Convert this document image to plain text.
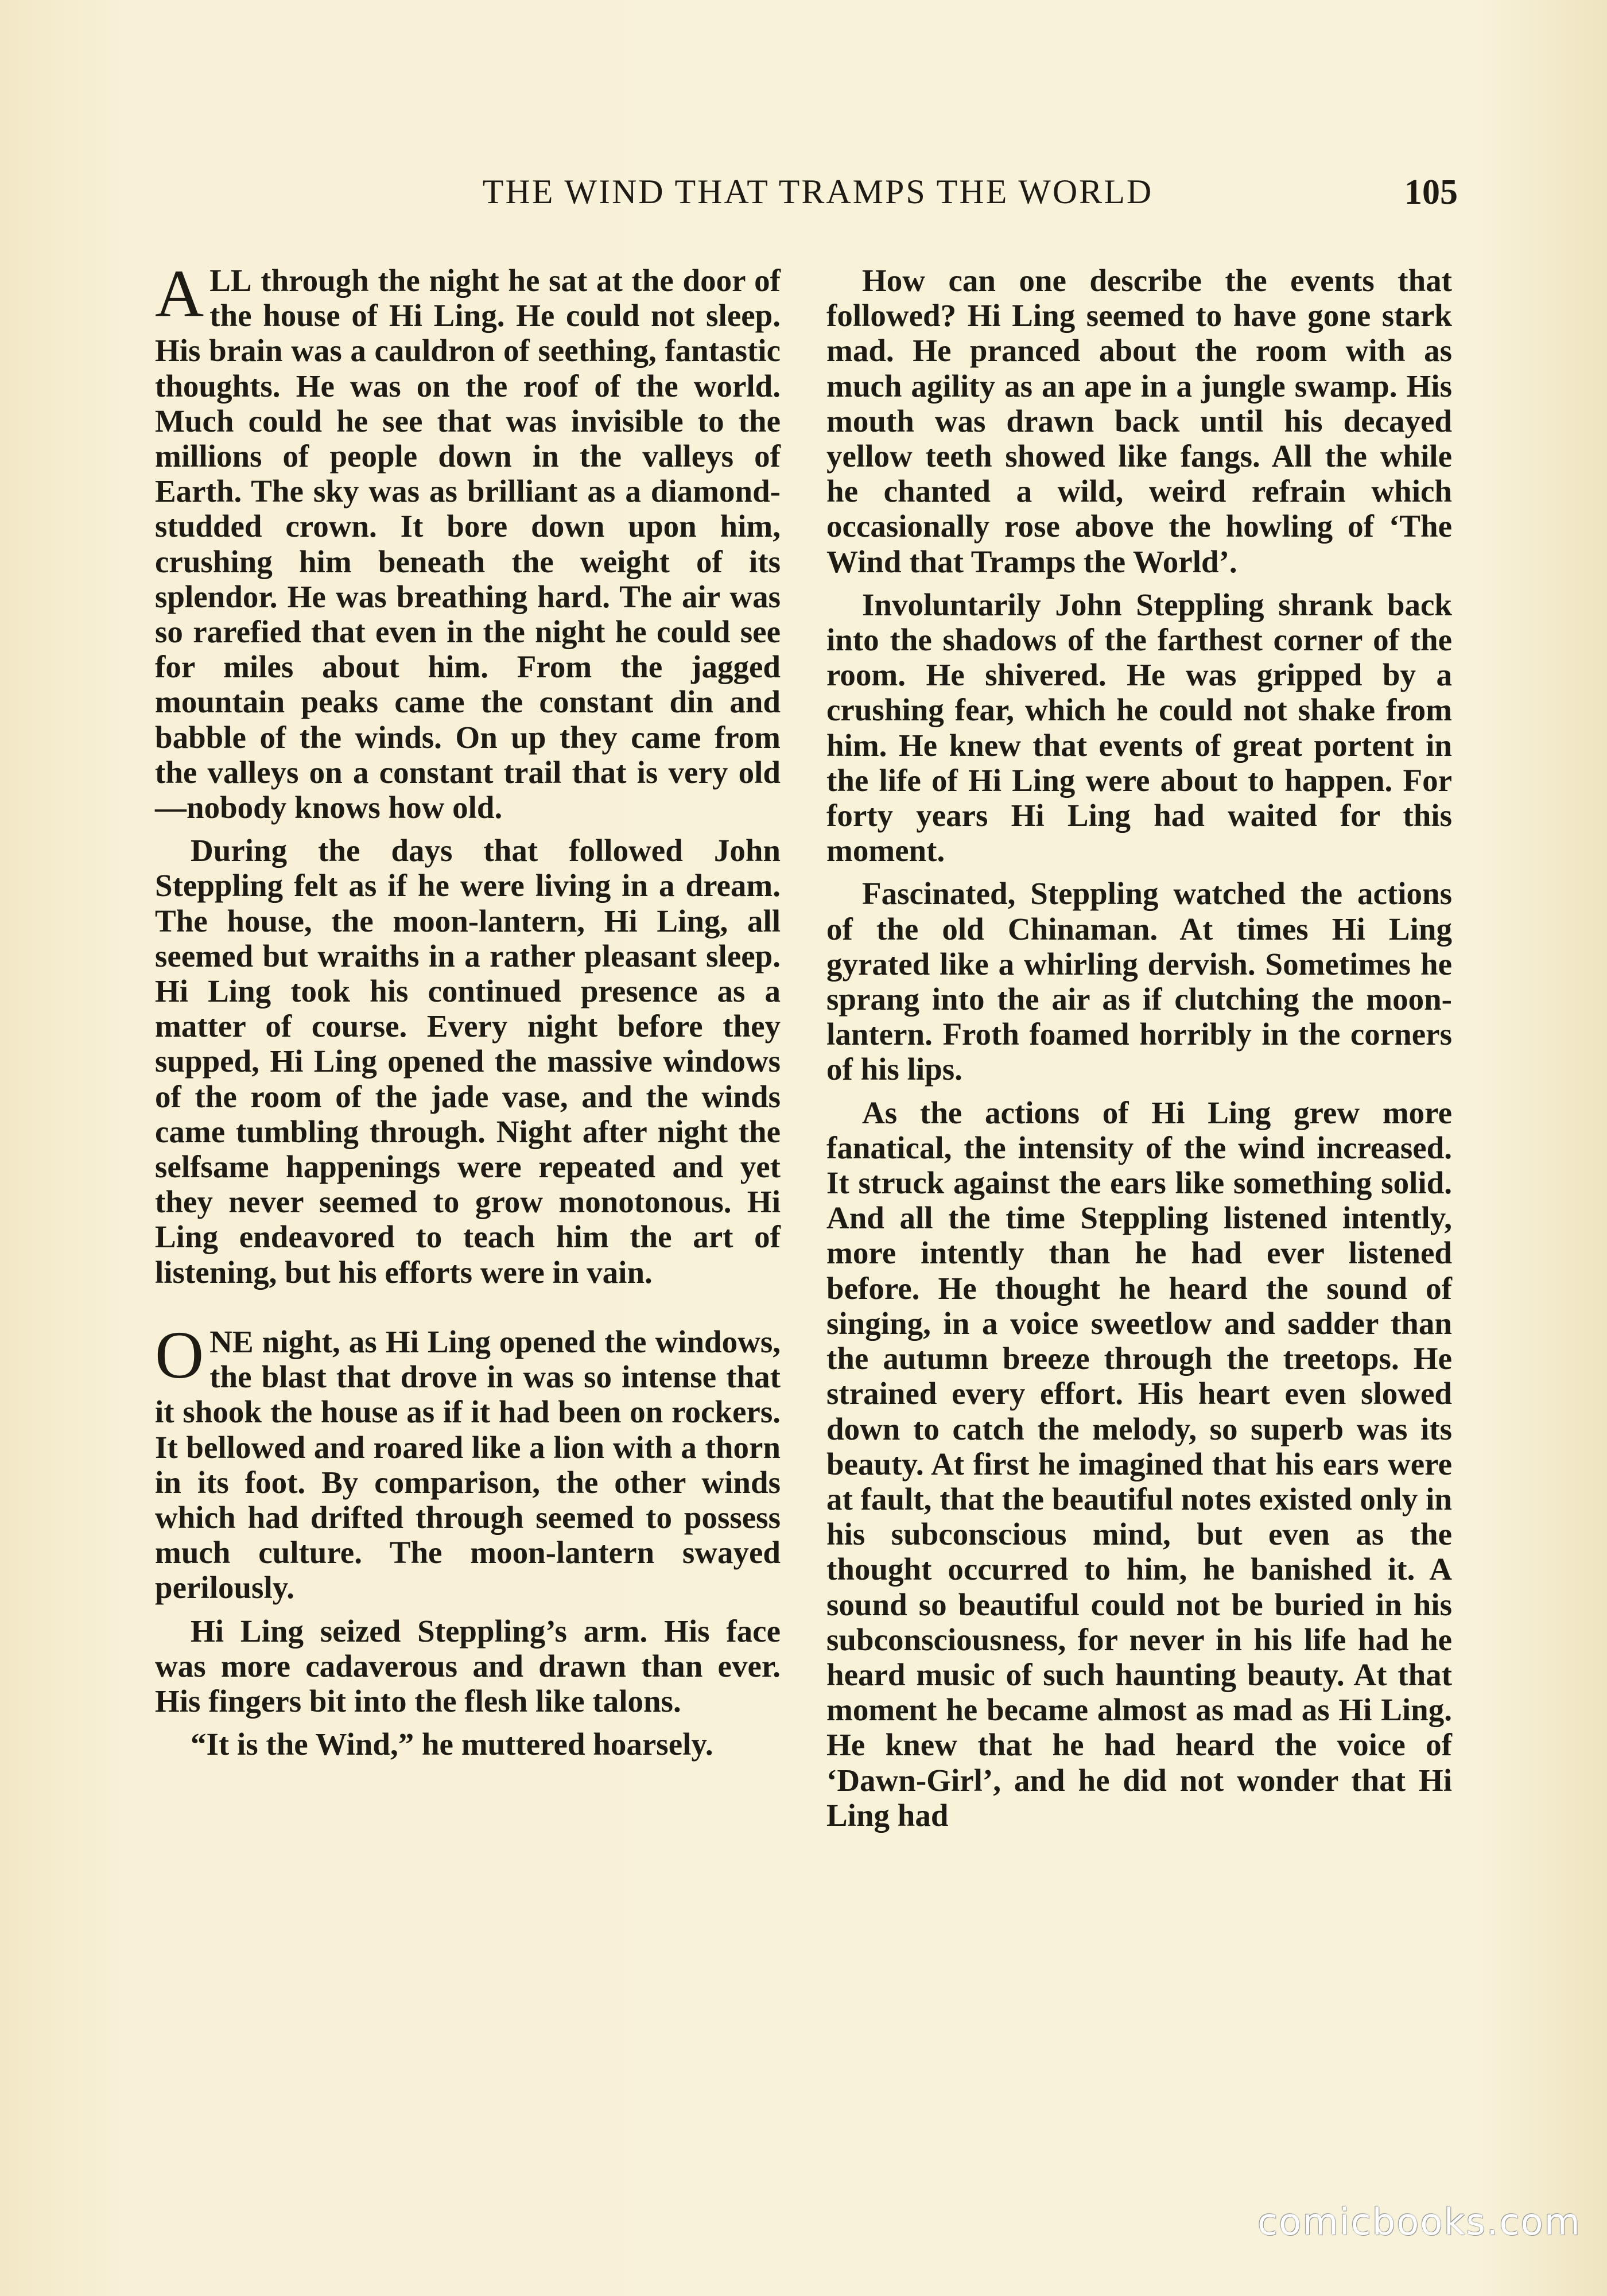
THE WIND THAT TRAMPS THE WORLD	105

ALL through the night he sat at the door of the house of Hi Ling. He could not sleep. His brain was a cauldron of seething, fantastic thoughts. He was on the roof of the world. Much could he see that was invisible to the millions of people down in the valleys of Earth. The sky was as brilliant as a diamond-studded crown. It bore down upon him, crushing him beneath the weight of its splendor. He was breathing hard. The air was so rarefied that even in the night he could see for miles about him. From the jagged mountain peaks came the constant din and babble of the winds. On up they came from the valleys on a constant trail that is very old—nobody knows how old.

During the days that followed John Steppling felt as if he were living in a dream. The house, the moon-lantern, Hi Ling, all seemed but wraiths in a rather pleasant sleep. Hi Ling took his continued presence as a matter of course. Every night before they supped, Hi Ling opened the massive windows of the room of the jade vase, and the winds came tumbling through. Night after night the selfsame happenings were repeated and yet they never seemed to grow monotonous. Hi Ling endeavored to teach him the art of listening, but his efforts were in vain.

ONE night, as Hi Ling opened the windows, the blast that drove in was so intense that it shook the house as if it had been on rockers. It bellowed and roared like a lion with a thorn in its foot. By comparison, the other winds which had drifted through seemed to possess much culture. The moon-lantern swayed perilously.

Hi Ling seized Steppling’s arm. His face was more cadaverous and drawn than ever. His fingers bit into the flesh like talons.

“It is the Wind,” he muttered hoarsely.

How can one describe the events that followed? Hi Ling seemed to have gone stark mad. He pranced about the room with as much agility as an ape in a jungle swamp. His mouth was drawn back until his decayed yellow teeth showed like fangs. All the while he chanted a wild, weird refrain which occasionally rose above the howling of ‘The Wind that Tramps the World’.

Involuntarily John Steppling shrank back into the shadows of the farthest corner of the room. He shivered. He was gripped by a crushing fear, which he could not shake from him. He knew that events of great portent in the life of Hi Ling were about to happen. For forty years Hi Ling had waited for this moment.

Fascinated, Steppling watched the actions of the old Chinaman. At times Hi Ling gyrated like a whirling dervish. Sometimes he sprang into the air as if clutching the moon-lantern. Froth foamed horribly in the corners of his lips.

As the actions of Hi Ling grew more fanatical, the intensity of the wind increased. It struck against the ears like something solid. And all the time Steppling listened intently, more intently than he had ever listened before. He thought he heard the sound of singing, in a voice sweetlow and sadder than the autumn breeze through the treetops. He strained every effort. His heart even slowed down to catch the melody, so superb was its beauty. At first he imagined that his ears were at fault, that the beautiful notes existed only in his subconscious mind, but even as the thought occurred to him, he banished it. A sound so beautiful could not be buried in his subconsciousness, for never in his life had he heard music of such haunting beauty. At that moment he became almost as mad as Hi Ling. He knew that he had heard the voice of ‘Dawn-Girl’, and he did not wonder that Hi Ling had

comicbooks.com
